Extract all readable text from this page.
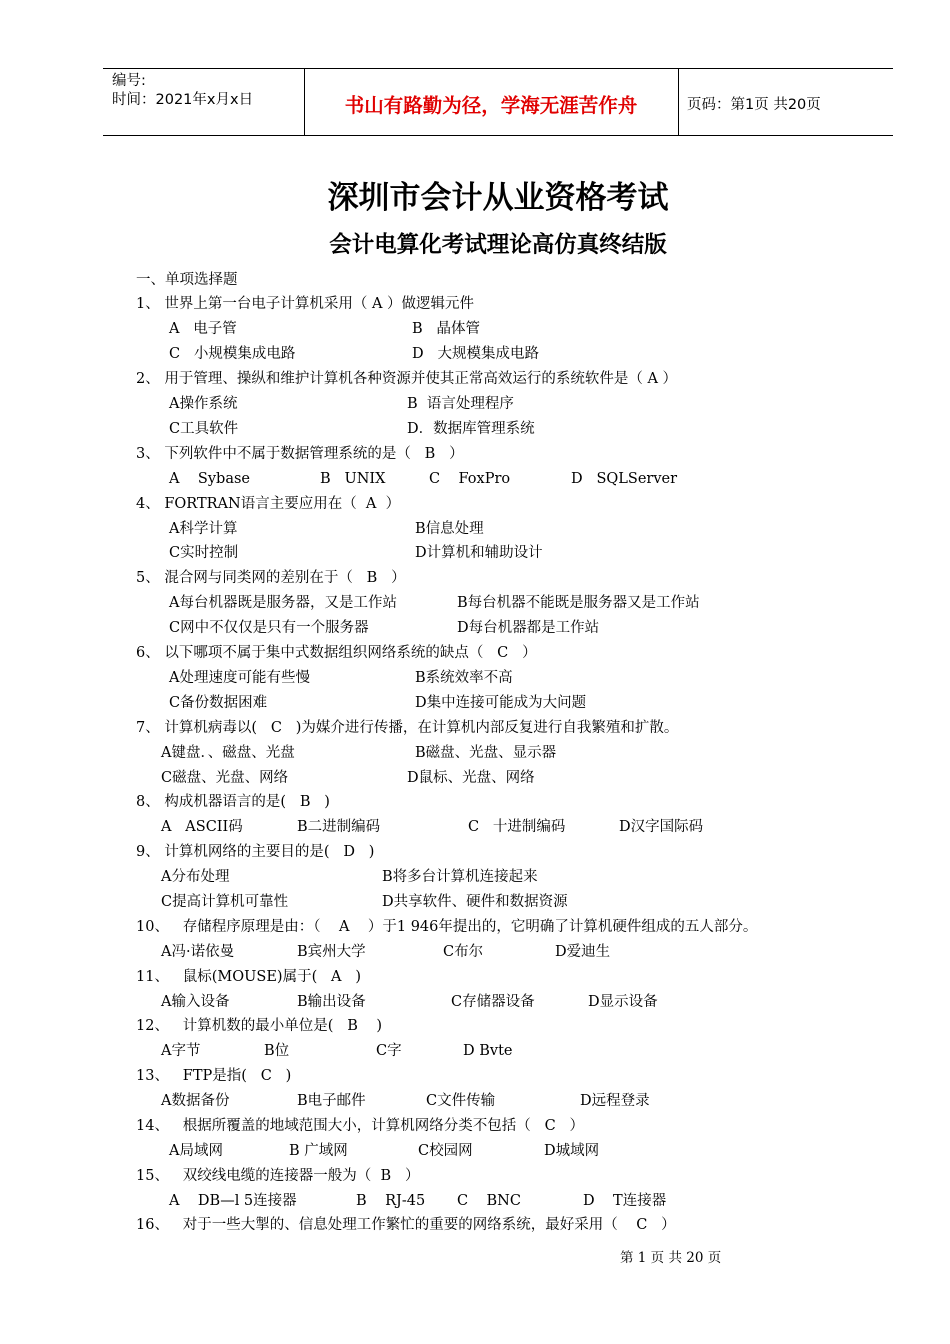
编号:
时间：2021年x月x日	书山有路勤为径，学海无涯苦作舟	页码：第1页 共20页
深圳市会计从业资格考试
会计电算化考试理论高仿真终结版
一、单项选择题
1、 世界上第一台电子计算机采用（ A ）做逻辑元件
A   电子管	B   晶体管
C   小规模集成电路	D   大规模集成电路
2、 用于管理、操纵和维护计算机各种资源并使其正常高效运行的系统软件是（ A ）
A操作系统	B  语言处理程序
C工具软件	D．数据库管理系统
3、 下列软件中不属于数据管理系统的是（   B   ）
A    Sybase	B   UNIX	C    FoxPro	D   SQLServer
4、 FORTRAN语言主要应用在（  A  ）
A科学计算	B信息处理
C实时控制	D计算机和辅助设计
5、 混合网与同类网的差别在于（   B   ）
A每台机器既是服务器，又是工作站	B每台机器不能既是服务器又是工作站
C网中不仅仅是只有一个服务器	D每台机器都是工作站
6、 以下哪项不属于集中式数据组织网络系统的缺点（   C   ）
A处理速度可能有些慢	B系统效率不高
C备份数据困难	D集中连接可能成为大问题
7、 计算机病毒以(   C   )为媒介进行传播，在计算机内部反复进行自我繁殖和扩散。
A键盘．、磁盘、光盘	B磁盘、光盘、显示器
C磁盘、光盘、网络	D鼠标、光盘、网络
8、 构成机器语言的是(   B   )
A   ASCII码	B二进制编码	C   十进制编码	D汉字国际码
9、 计算机网络的主要目的是(   D   )
A分布处理	B将多台计算机连接起来
C提高计算机可靠性	D共享软件、硬件和数据资源
10、   存储程序原理是由：（    A    ）于1 946年提出的，它明确了计算机硬件组成的五人部分。
A冯·诺依曼	B宾州大学	C布尔	D爱迪生
11、   鼠标(MOUSE)属于(   A   )
A输入设备	B输出设备	C存储器设备	D显示设备
12、   计算机数的最小单位是(   B    )
A字节	B位	C字	D Bvte
13、   FTP是指(   C   )
A数据备份	B电子邮件	C文件传输	D远程登录
14、   根据所覆盖的地域范围大小，计算机网络分类不包括（   C   ）
A局域网	B 广域网	C校园网	D城域网
15、   双绞线电缆的连接器一般为（  B   ）
A    DB—l 5连接器	B    RJ-45 C    BNC	D    T连接器
16、   对于一些大掣的、信息处理工作繁忙的重要的网络系统，最好采用（    C   ）
第 1 页 共 20 页
